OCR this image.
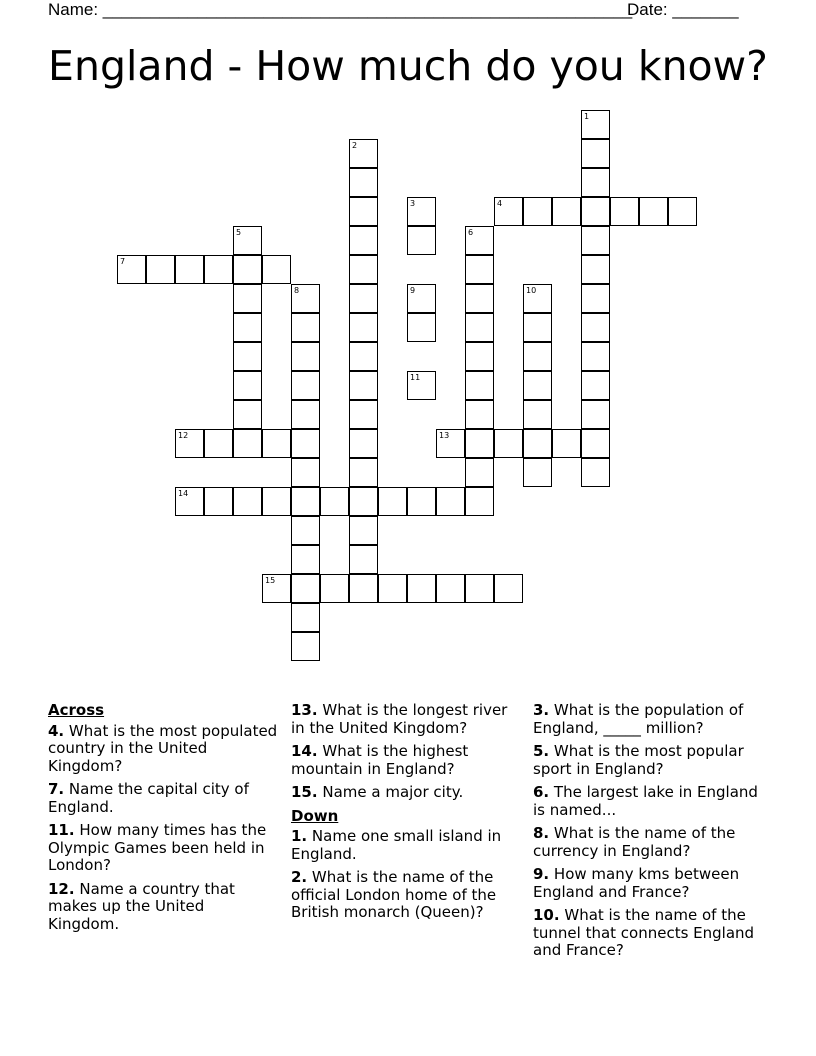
Name: ________________________________________________________
Date: _______
England - How much do you know?
1
2
3	4
5	6
7
8	9	10
11
12	13
14
15
Across
4. What is the most populated country in the United Kingdom?
7. Name the capital city of England.
11. How many times has the Olympic Games been held in London?
12. Name a country that makes up the United Kingdom.
13. What is the longest river in the United Kingdom?
14. What is the highest mountain in England?
15. Name a major city.
Down
1. Name one small island in England.
2. What is the name of the official London home of the British monarch (Queen)?
3. What is the population of England, _____ million?
5. What is the most popular sport in England?
6. The largest lake in England is named...
8. What is the name of the currency in England?
9. How many kms between England and France?
10. What is the name of the tunnel that connects England and France?
